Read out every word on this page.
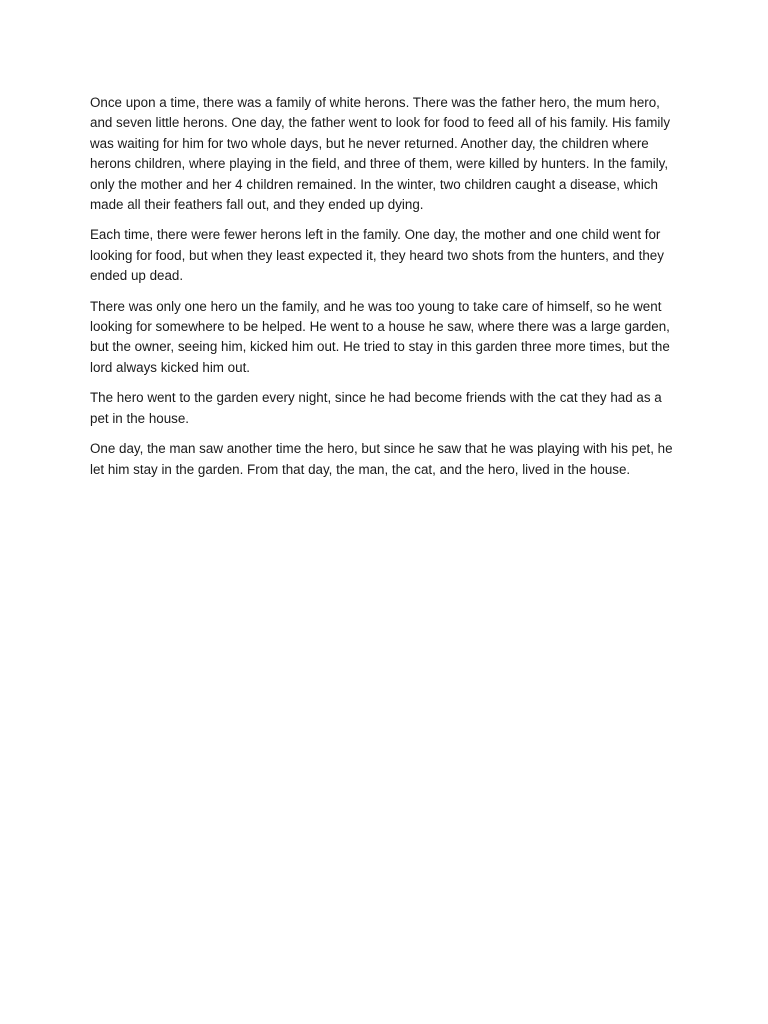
Once upon a time, there was a family of white herons. There was the father hero, the mum hero, and seven little herons. One day, the father went to look for food to feed all of his family. His family was waiting for him for two whole days, but he never returned. Another day, the children where herons children, where playing in the field, and three of them, were killed by hunters. In the family, only the mother and her 4 children remained. In the winter, two children caught a disease, which made all their feathers fall out, and they ended up dying.

Each time, there were fewer herons left in the family. One day, the mother and one child went for looking for food, but when they least expected it, they heard two shots from the hunters, and they ended up dead.

There was only one hero un the family, and he was too young to take care of himself, so he went looking for somewhere to be helped. He went to a house he saw, where there was a large garden, but the owner, seeing him, kicked him out. He tried to stay in this garden three more times, but the lord always kicked him out.

The hero went to the garden every night, since he had become friends with the cat they had as a pet in the house.

One day, the man saw another time the hero, but since he saw that he was playing with his pet, he let him stay in the garden. From that day, the man, the cat, and the hero, lived in the house.
